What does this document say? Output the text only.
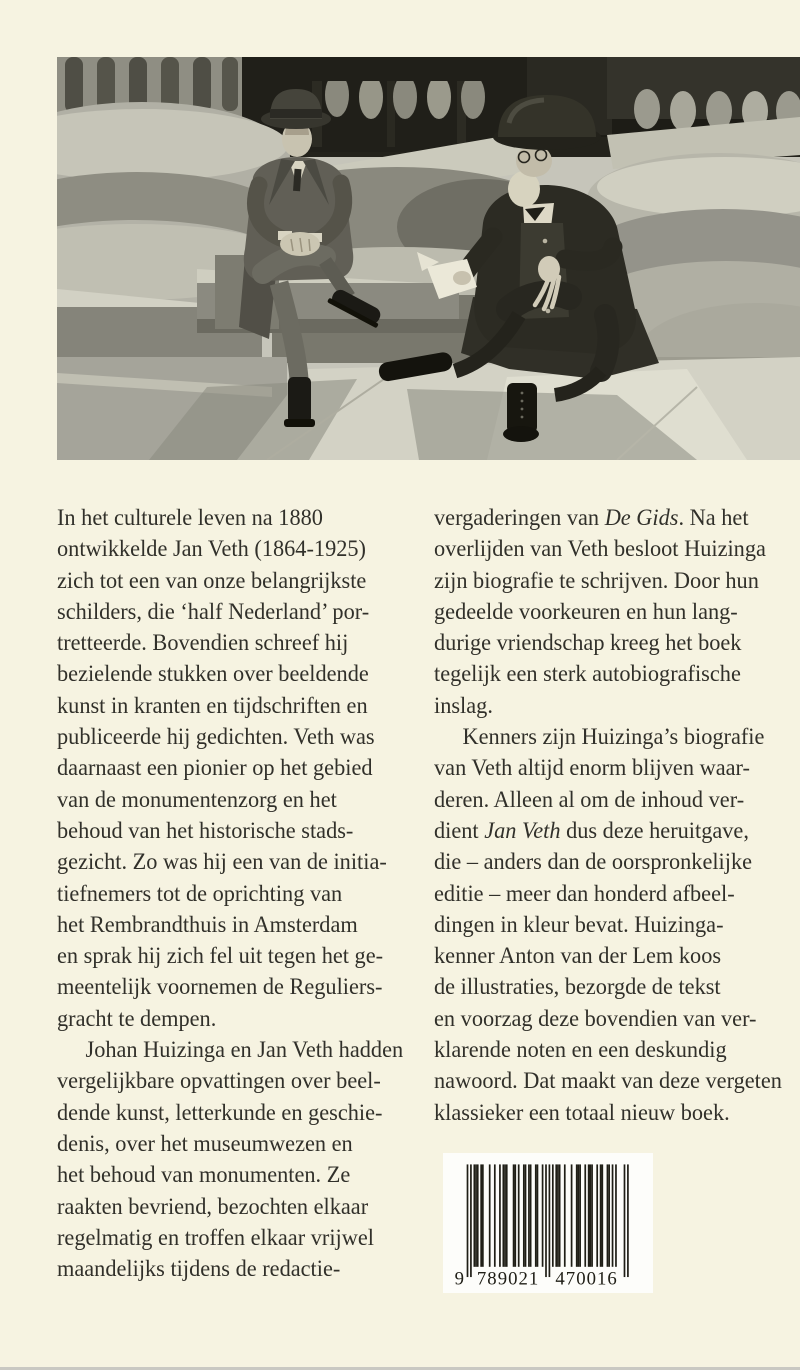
In het culturele leven na 1880
ontwikkelde Jan Veth (1864-1925)
zich tot een van onze belangrijkste
schilders, die ‘half Nederland’ por-
tretteerde. Bovendien schreef hij
bezielende stukken over beeldende
kunst in kranten en tijdschriften en
publiceerde hij gedichten. Veth was
daarnaast een pionier op het gebied
van de monumentenzorg en het
behoud van het historische stads-
gezicht. Zo was hij een van de initia-
tiefnemers tot de oprichting van
het Rembrandthuis in Amsterdam
en sprak hij zich fel uit tegen het ge-
meentelijk voornemen de Reguliers-
gracht te dempen.
Johan Huizinga en Jan Veth hadden
vergelijkbare opvattingen over beel-
dende kunst, letterkunde en geschie-
denis, over het museumwezen en
het behoud van monumenten. Ze
raakten bevriend, bezochten elkaar
regelmatig en troffen elkaar vrijwel
maandelijks tijdens de redactie-
vergaderingen van De Gids. Na het
overlijden van Veth besloot Huizinga
zijn biografie te schrijven. Door hun
gedeelde voorkeuren en hun lang-
durige vriendschap kreeg het boek
tegelijk een sterk autobiografische
inslag.
Kenners zijn Huizinga’s biografie
van Veth altijd enorm blijven waar-
deren. Alleen al om de inhoud ver-
dient Jan Veth dus deze heruitgave,
die – anders dan de oorspronkelijke
editie – meer dan honderd afbeel-
dingen in kleur bevat. Huizinga-
kenner Anton van der Lem koos
de illustraties, bezorgde de tekst
en voorzag deze bovendien van ver-
klarende noten en een deskundig
nawoord. Dat maakt van deze vergeten
klassieker een totaal nieuw boek.
9 789021 470016
